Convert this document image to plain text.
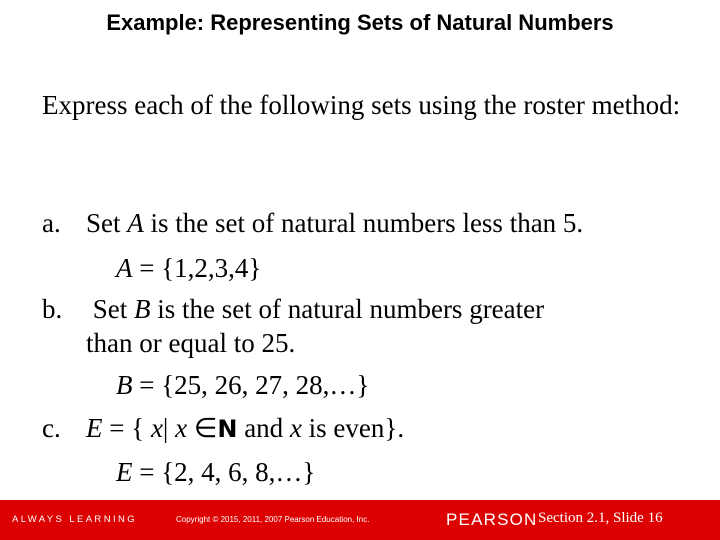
Example: Representing Sets of Natural Numbers
Express each of the following sets using the roster method:
a. Set A is the set of natural numbers less than 5.
A = {1,2,3,4}
b. Set B is the set of natural numbers greater
than or equal to 25.
B = {25, 26, 27, 28,…}
c. E = { x| x ∈N and x is even}.
E = {2, 4, 6, 8,…}
ALWAYS LEARNING	Copyright © 2015, 2011, 2007 Pearson Education, Inc.	PEARSON Section 2.1, Slide 16
